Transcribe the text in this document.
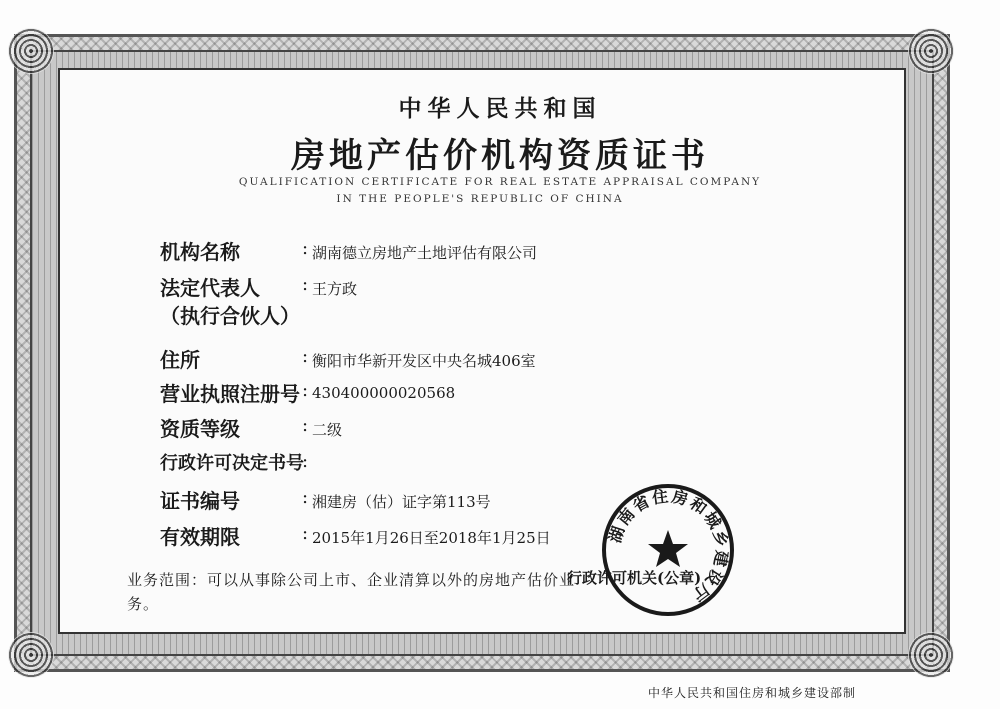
中华人民共和国
房地产估价机构资质证书
QUALIFICATION CERTIFICATE FOR REAL ESTATE APPRAISAL COMPANY
IN THE PEOPLE'S REPUBLIC OF CHINA
机构名称	: 湖南德立房地产土地评估有限公司
法定代表人 : 王方政
（执行合伙人）
住所	: 衡阳市华新开发区中央名城406室
营业执照注册号 : 430400000020568
资质等级	: 二级
行政许可决定书号
:
证书编号	: 湘建房（估）证字第113号
有效期限	: 2015年1月26日至2018年1月25日
业务范围：可以从事除公司上市、企业清算以外的房地产估价业务。
湖南省住房和城乡建设厅
行政许可机关(公章)
中华人民共和国住房和城乡建设部制
